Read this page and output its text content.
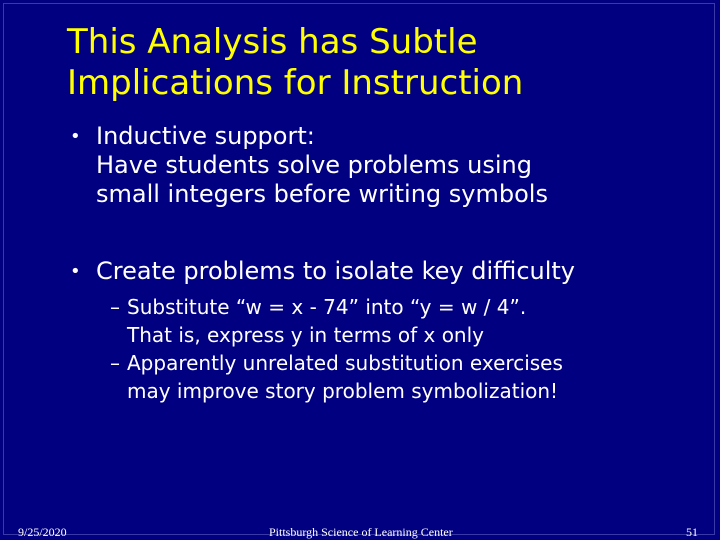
This Analysis has Subtle
Implications for Instruction
• Inductive support:
Have students solve problems using
small integers before writing symbols
• Create problems to isolate key difficulty
– Substitute “w = x - 74” into “y = w / 4”.
That is, express y in terms of x only
– Apparently unrelated substitution exercises
may improve story problem symbolization!
9/25/2020	Pittsburgh Science of Learning Center	51
